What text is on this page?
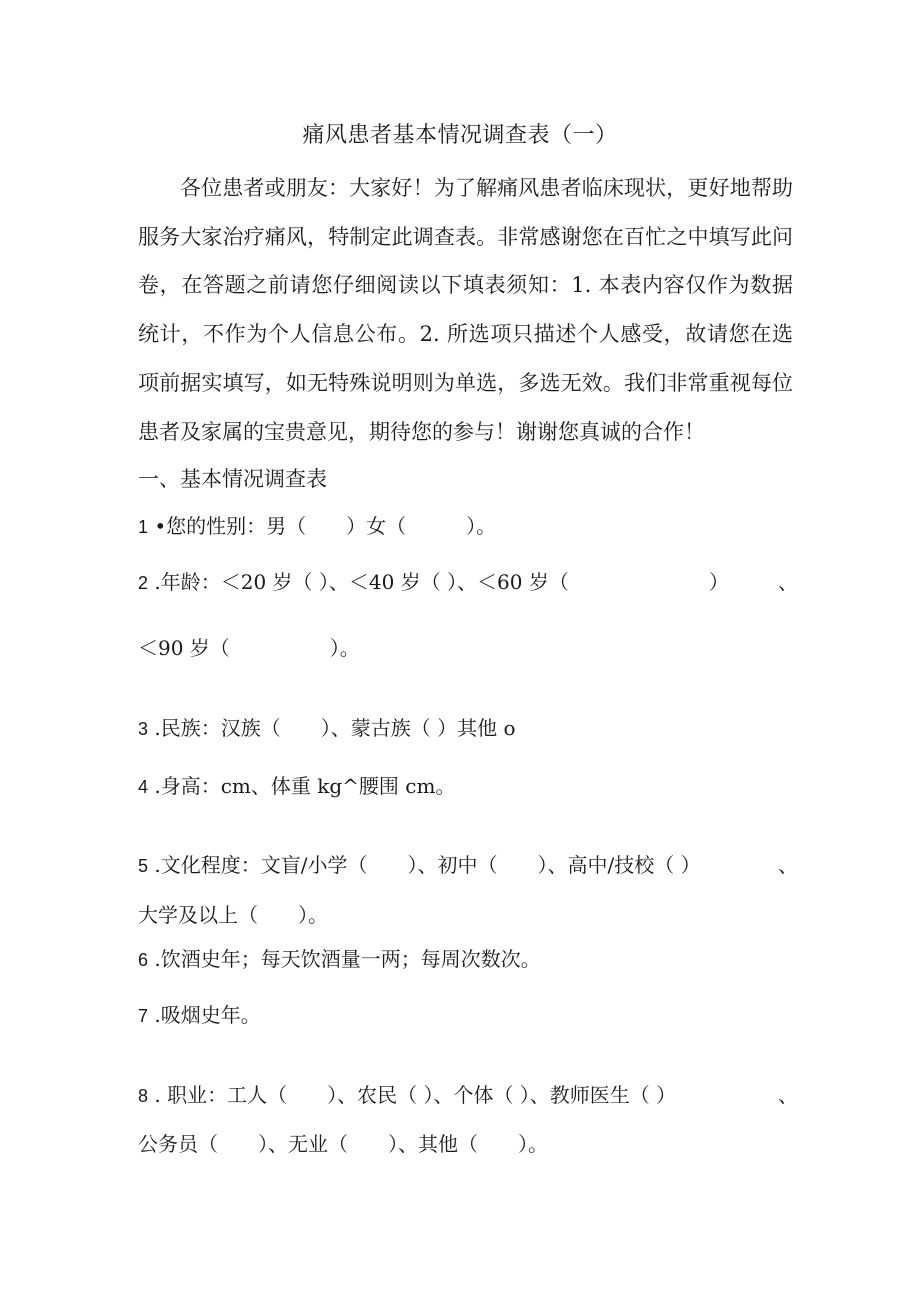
痛风患者基本情况调查表（一）
各位患者或朋友：大家好！为了解痛风患者临床现状，更好地帮助服务大家治疗痛风，特制定此调查表。非常感谢您在百忙之中填写此问卷，在答题之前请您仔细阅读以下填表须知：1. 本表内容仅作为数据统计，不作为个人信息公布。2. 所选项只描述个人感受，故请您在选项前据实填写，如无特殊说明则为单选，多选无效。我们非常重视每位患者及家属的宝贵意见，期待您的参与！谢谢您真诚的合作！
一、基本情况调查表
1 •您的性别：男（　　）女（　　　）。
2 .年龄：＜20 岁（ ）、＜40 岁（ ）、＜60 岁（　　　　　　　） 、
＜90 岁（　　　　　）。
3 .民族：汉族（　　）、蒙古族（ ）其他 o
4 .身高：cm、体重 kg^腰围 cm。
5 .文化程度：文盲/小学（　　）、初中（　　）、高中/技校（ ）	、
大学及以上（　　）。
6 .饮酒史年；每天饮酒量一两；每周次数次。
7 .吸烟史年。
8 . 职业：工人（　　）、农民（ ）、个体（ ）、教师医生（ ）	、
公务员（　　）、无业（　　）、其他（　　）。
